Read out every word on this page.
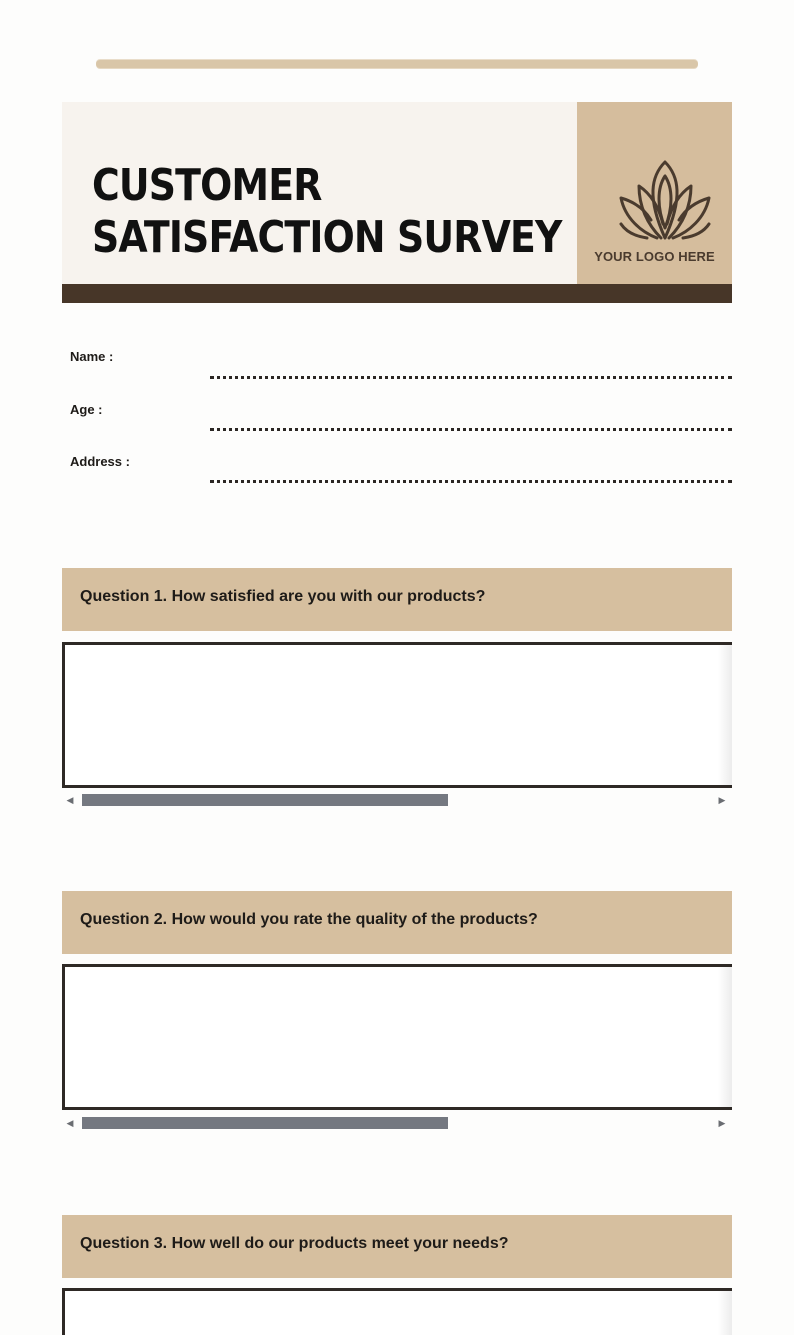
CUSTOMER
SATISFACTION SURVEY	YOUR LOGO HERE
Name :
Age :
Address :
Question 1. How satisfied are you with our products?
◀	▶
Question 2. How would you rate the quality of the products?
◀	▶
Question 3. How well do our products meet your needs?
